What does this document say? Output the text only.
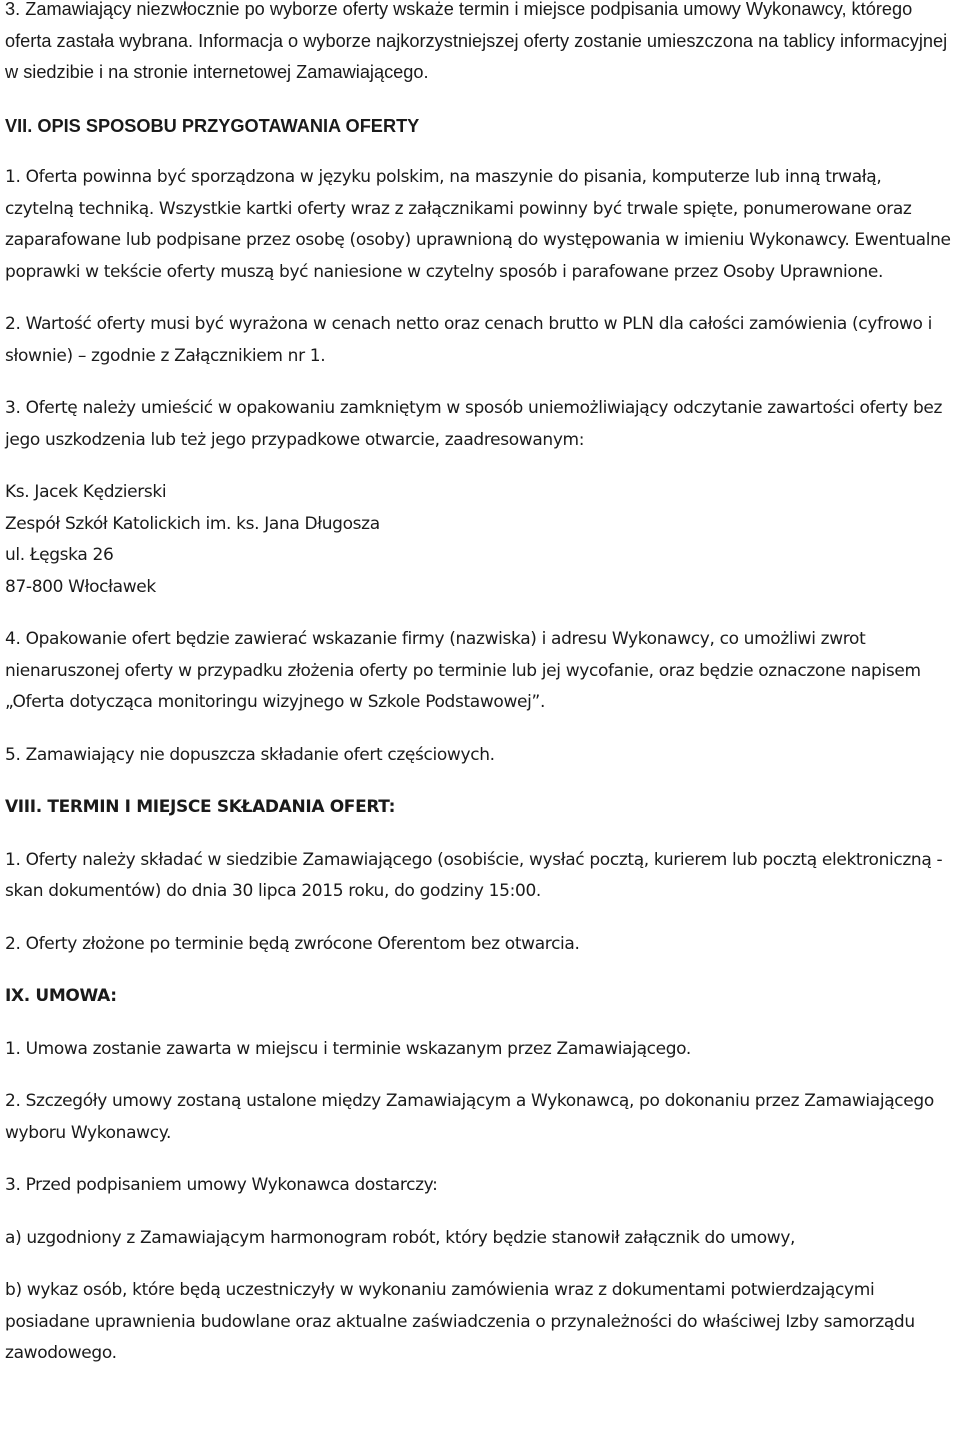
3. Zamawiający niezwłocznie po wyborze oferty wskaże termin i miejsce podpisania umowy Wykonawcy, którego oferta zastała wybrana. Informacja o wyborze najkorzystniejszej oferty zostanie umieszczona na tablicy informacyjnej w siedzibie i na stronie internetowej Zamawiającego.

VII. OPIS SPOSOBU PRZYGOTAWANIA OFERTY

1. Oferta powinna być sporządzona w języku polskim, na maszynie do pisania, komputerze lub inną trwałą, czytelną techniką. Wszystkie kartki oferty wraz z załącznikami powinny być trwale spięte, ponumerowane oraz zaparafowane lub podpisane przez osobę (osoby) uprawnioną do występowania w imieniu Wykonawcy. Ewentualne poprawki w tekście oferty muszą być naniesione w czytelny sposób i parafowane przez Osoby Uprawnione.

2. Wartość oferty musi być wyrażona w cenach netto oraz cenach brutto w PLN dla całości zamówienia (cyfrowo i słownie) – zgodnie z Załącznikiem nr 1.

3. Ofertę należy umieścić w opakowaniu zamkniętym w sposób uniemożliwiający odczytanie zawartości oferty bez jego uszkodzenia lub też jego przypadkowe otwarcie, zaadresowanym:

Ks. Jacek Kędzierski

Zespół Szkół Katolickich im. ks. Jana Długosza

ul. Łęgska 26

87-800 Włocławek

4. Opakowanie ofert będzie zawierać wskazanie firmy (nazwiska) i adresu Wykonawcy, co umożliwi zwrot nienaruszonej oferty w przypadku złożenia oferty po terminie lub jej wycofanie, oraz będzie oznaczone napisem „Oferta dotycząca monitoringu wizyjnego w Szkole Podstawowej”.

5. Zamawiający nie dopuszcza składanie ofert częściowych.

VIII. TERMIN I MIEJSCE SKŁADANIA OFERT:

1. Oferty należy składać w siedzibie Zamawiającego (osobiście, wysłać pocztą, kurierem lub pocztą elektroniczną - skan dokumentów) do dnia 30 lipca 2015 roku, do godziny 15:00.

2. Oferty złożone po terminie będą zwrócone Oferentom bez otwarcia.

IX. UMOWA:

1. Umowa zostanie zawarta w miejscu i terminie wskazanym przez Zamawiającego.

2. Szczegóły umowy zostaną ustalone między Zamawiającym a Wykonawcą, po dokonaniu przez Zamawiającego wyboru Wykonawcy.

3. Przed podpisaniem umowy Wykonawca dostarczy:

a) uzgodniony z Zamawiającym harmonogram robót, który będzie stanowił załącznik do umowy,

b) wykaz osób, które będą uczestniczyły w wykonaniu zamówienia wraz z dokumentami potwierdzającymi posiadane uprawnienia budowlane oraz aktualne zaświadczenia o przynależności do właściwej Izby samorządu zawodowego.
